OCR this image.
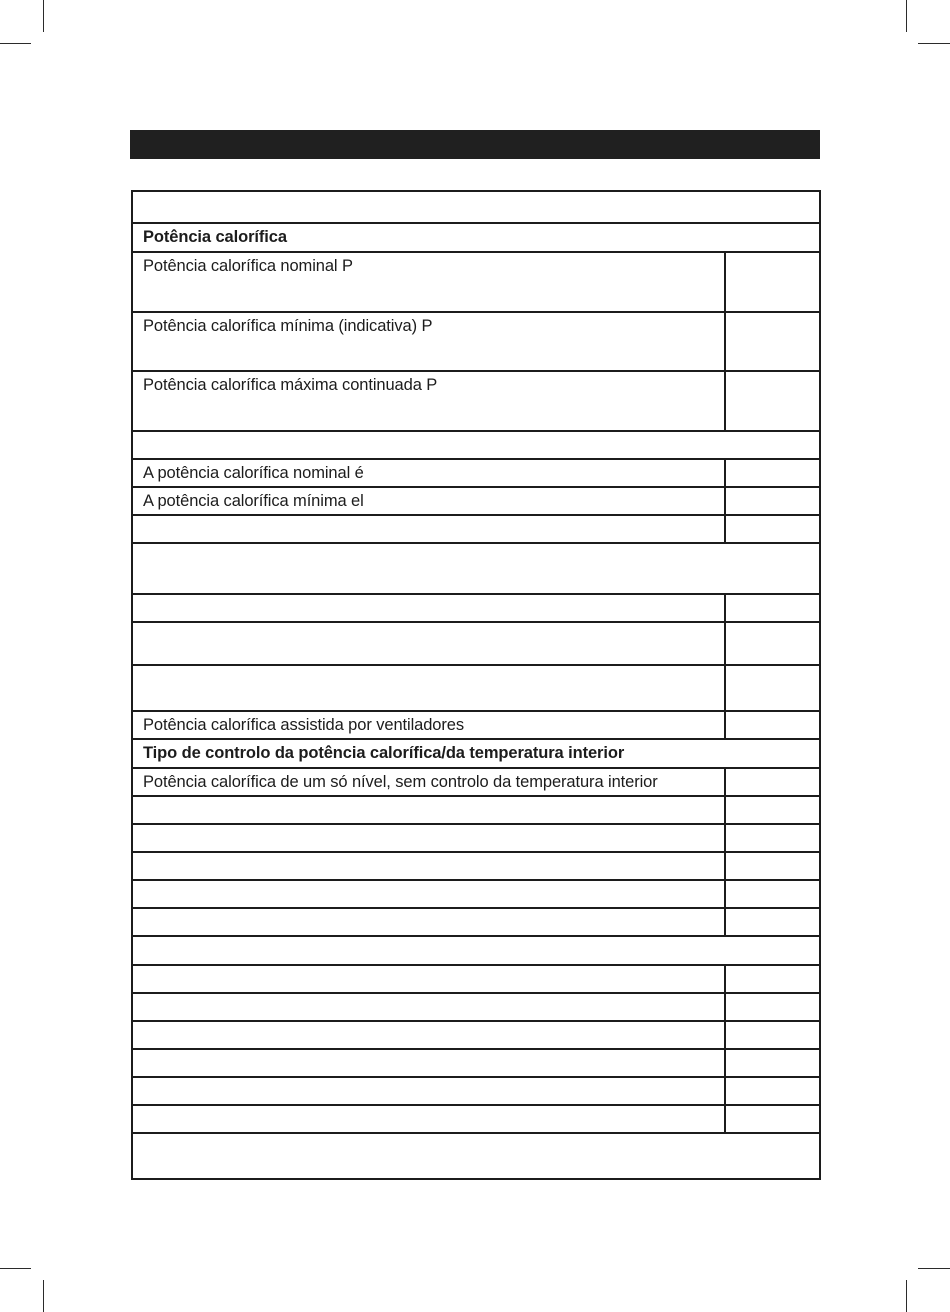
Potência calorífica
Potência calorífica nominal P
Potência calorífica mínima (indicativa) P
Potência calorífica máxima continuada P
A potência calorífica nominal é
A potência calorífica mínima el
Potência calorífica assistida por ventiladores
Tipo de controlo da potência calorífica/da temperatura interior
Potência calorífica de um só nível, sem controlo da temperatura interior
